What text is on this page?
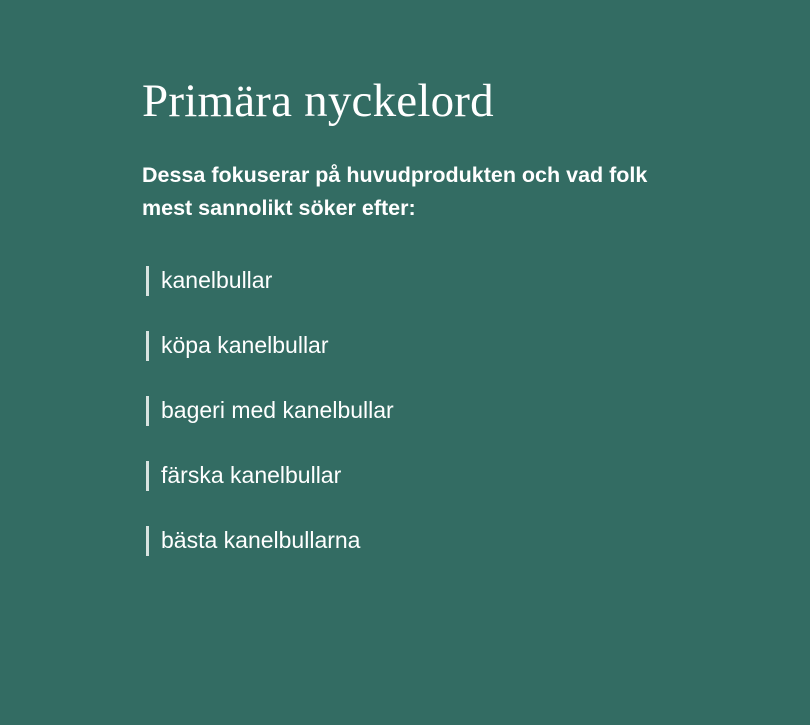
Primära nyckelord

Dessa fokuserar på huvudprodukten och vad folk mest sannolikt söker efter:

kanelbullar
köpa kanelbullar
bageri med kanelbullar
färska kanelbullar
bästa kanelbullarna
